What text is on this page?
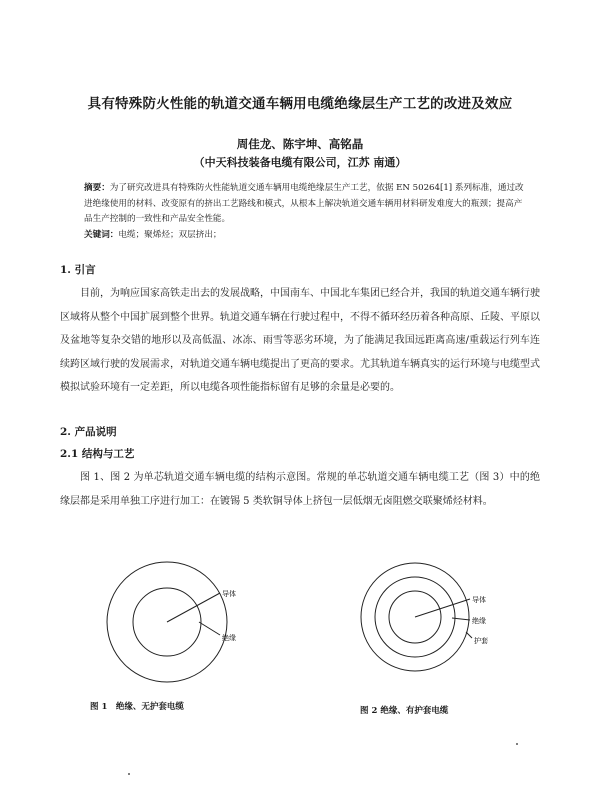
具有特殊防火性能的轨道交通车辆用电缆绝缘层生产工艺的改进及效应
周佳龙、陈宇坤、高铭晶
（中天科技装备电缆有限公司，江苏 南通）
摘要：为了研究改进具有特殊防火性能轨道交通车辆用电缆绝缘层生产工艺，依据 EN 50264[1] 系列标准，通过改进绝缘使用的材料、改变原有的挤出工艺路线和模式，从根本上解决轨道交通车辆用材料研发难度大的瓶颈；提高产品生产控制的一致性和产品安全性能。
关键词：电缆；聚烯烃；双层挤出；
1. 引言

目前，为响应国家高铁走出去的发展战略，中国南车、中国北车集团已经合并，我国的轨道交通车辆行驶区域将从整个中国扩展到整个世界。轨道交通车辆在行驶过程中，不得不循环经历着各种高原、丘陵、平原以及盆地等复杂交错的地形以及高低温、冰冻、雨雪等恶劣环境，为了能满足我国远距离高速/重载运行列车连续跨区域行驶的发展需求，对轨道交通车辆电缆提出了更高的要求。尤其轨道车辆真实的运行环境与电缆型式模拟试验环境有一定差距，所以电缆各项性能指标留有足够的余量是必要的。

2. 产品说明
2.1 结构与工艺

图 1、图 2 为单芯轨道交通车辆电缆的结构示意图。常规的单芯轨道交通车辆电缆工艺（图 3）中的绝缘层都是采用单独工序进行加工：在镀锡 5 类软铜导体上挤包一层低烟无卤阻燃交联聚烯烃材料。

导体
绝缘
导体
绝缘
护套
图 1　绝缘、无护套电缆	图 2 绝缘、有护套电缆
